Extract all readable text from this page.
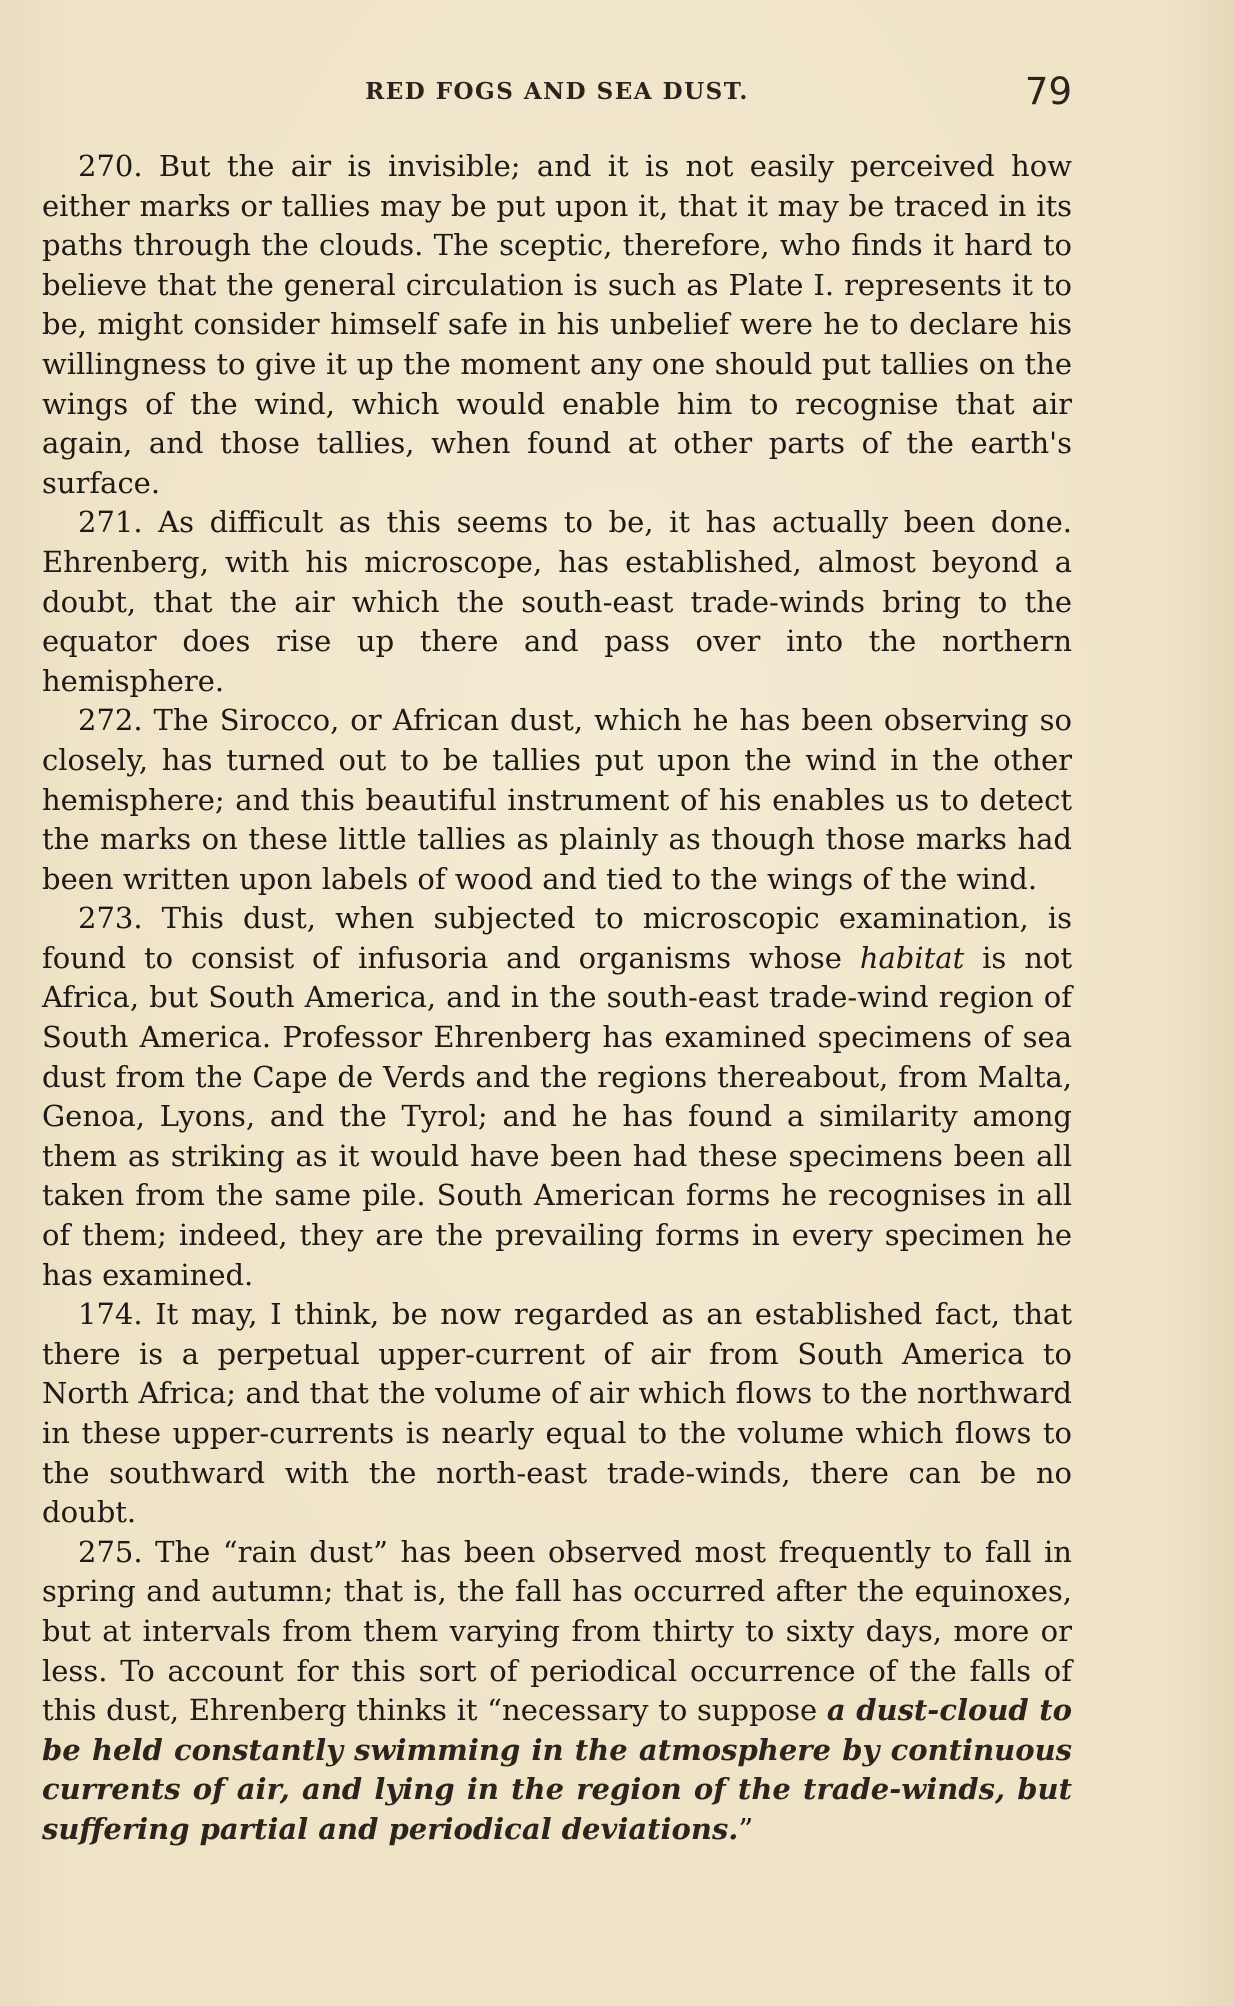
RED FOGS AND SEA DUST.	79

270. But the air is invisible; and it is not easily perceived how either marks or tallies may be put upon it, that it may be traced in its paths through the clouds. The sceptic, therefore, who finds it hard to believe that the general circulation is such as Plate I. represents it to be, might consider himself safe in his unbelief were he to declare his willingness to give it up the moment any one should put tallies on the wings of the wind, which would enable him to recognise that air again, and those tallies, when found at other parts of the earth's surface.

271. As difficult as this seems to be, it has actually been done. Ehrenberg, with his microscope, has established, almost beyond a doubt, that the air which the south-east trade-winds bring to the equator does rise up there and pass over into the northern hemisphere.

272. The Sirocco, or African dust, which he has been observing so closely, has turned out to be tallies put upon the wind in the other hemisphere; and this beautiful instrument of his enables us to detect the marks on these little tallies as plainly as though those marks had been written upon labels of wood and tied to the wings of the wind.

273. This dust, when subjected to microscopic examination, is found to consist of infusoria and organisms whose habitat is not Africa, but South America, and in the south-east trade-wind region of South America. Professor Ehrenberg has examined specimens of sea dust from the Cape de Verds and the regions thereabout, from Malta, Genoa, Lyons, and the Tyrol; and he has found a similarity among them as striking as it would have been had these specimens been all taken from the same pile. South American forms he recognises in all of them; indeed, they are the prevailing forms in every specimen he has examined.

174. It may, I think, be now regarded as an established fact, that there is a perpetual upper-current of air from South America to North Africa; and that the volume of air which flows to the northward in these upper-currents is nearly equal to the volume which flows to the southward with the north-east trade-winds, there can be no doubt.

275. The “rain dust” has been observed most frequently to fall in spring and autumn; that is, the fall has occurred after the equinoxes, but at intervals from them varying from thirty to sixty days, more or less. To account for this sort of periodical occurrence of the falls of this dust, Ehrenberg thinks it “necessary to suppose a dust-cloud to be held constantly swimming in the atmosphere by continuous currents of air, and lying in the region of the trade-winds, but suffering partial and periodical deviations.”
